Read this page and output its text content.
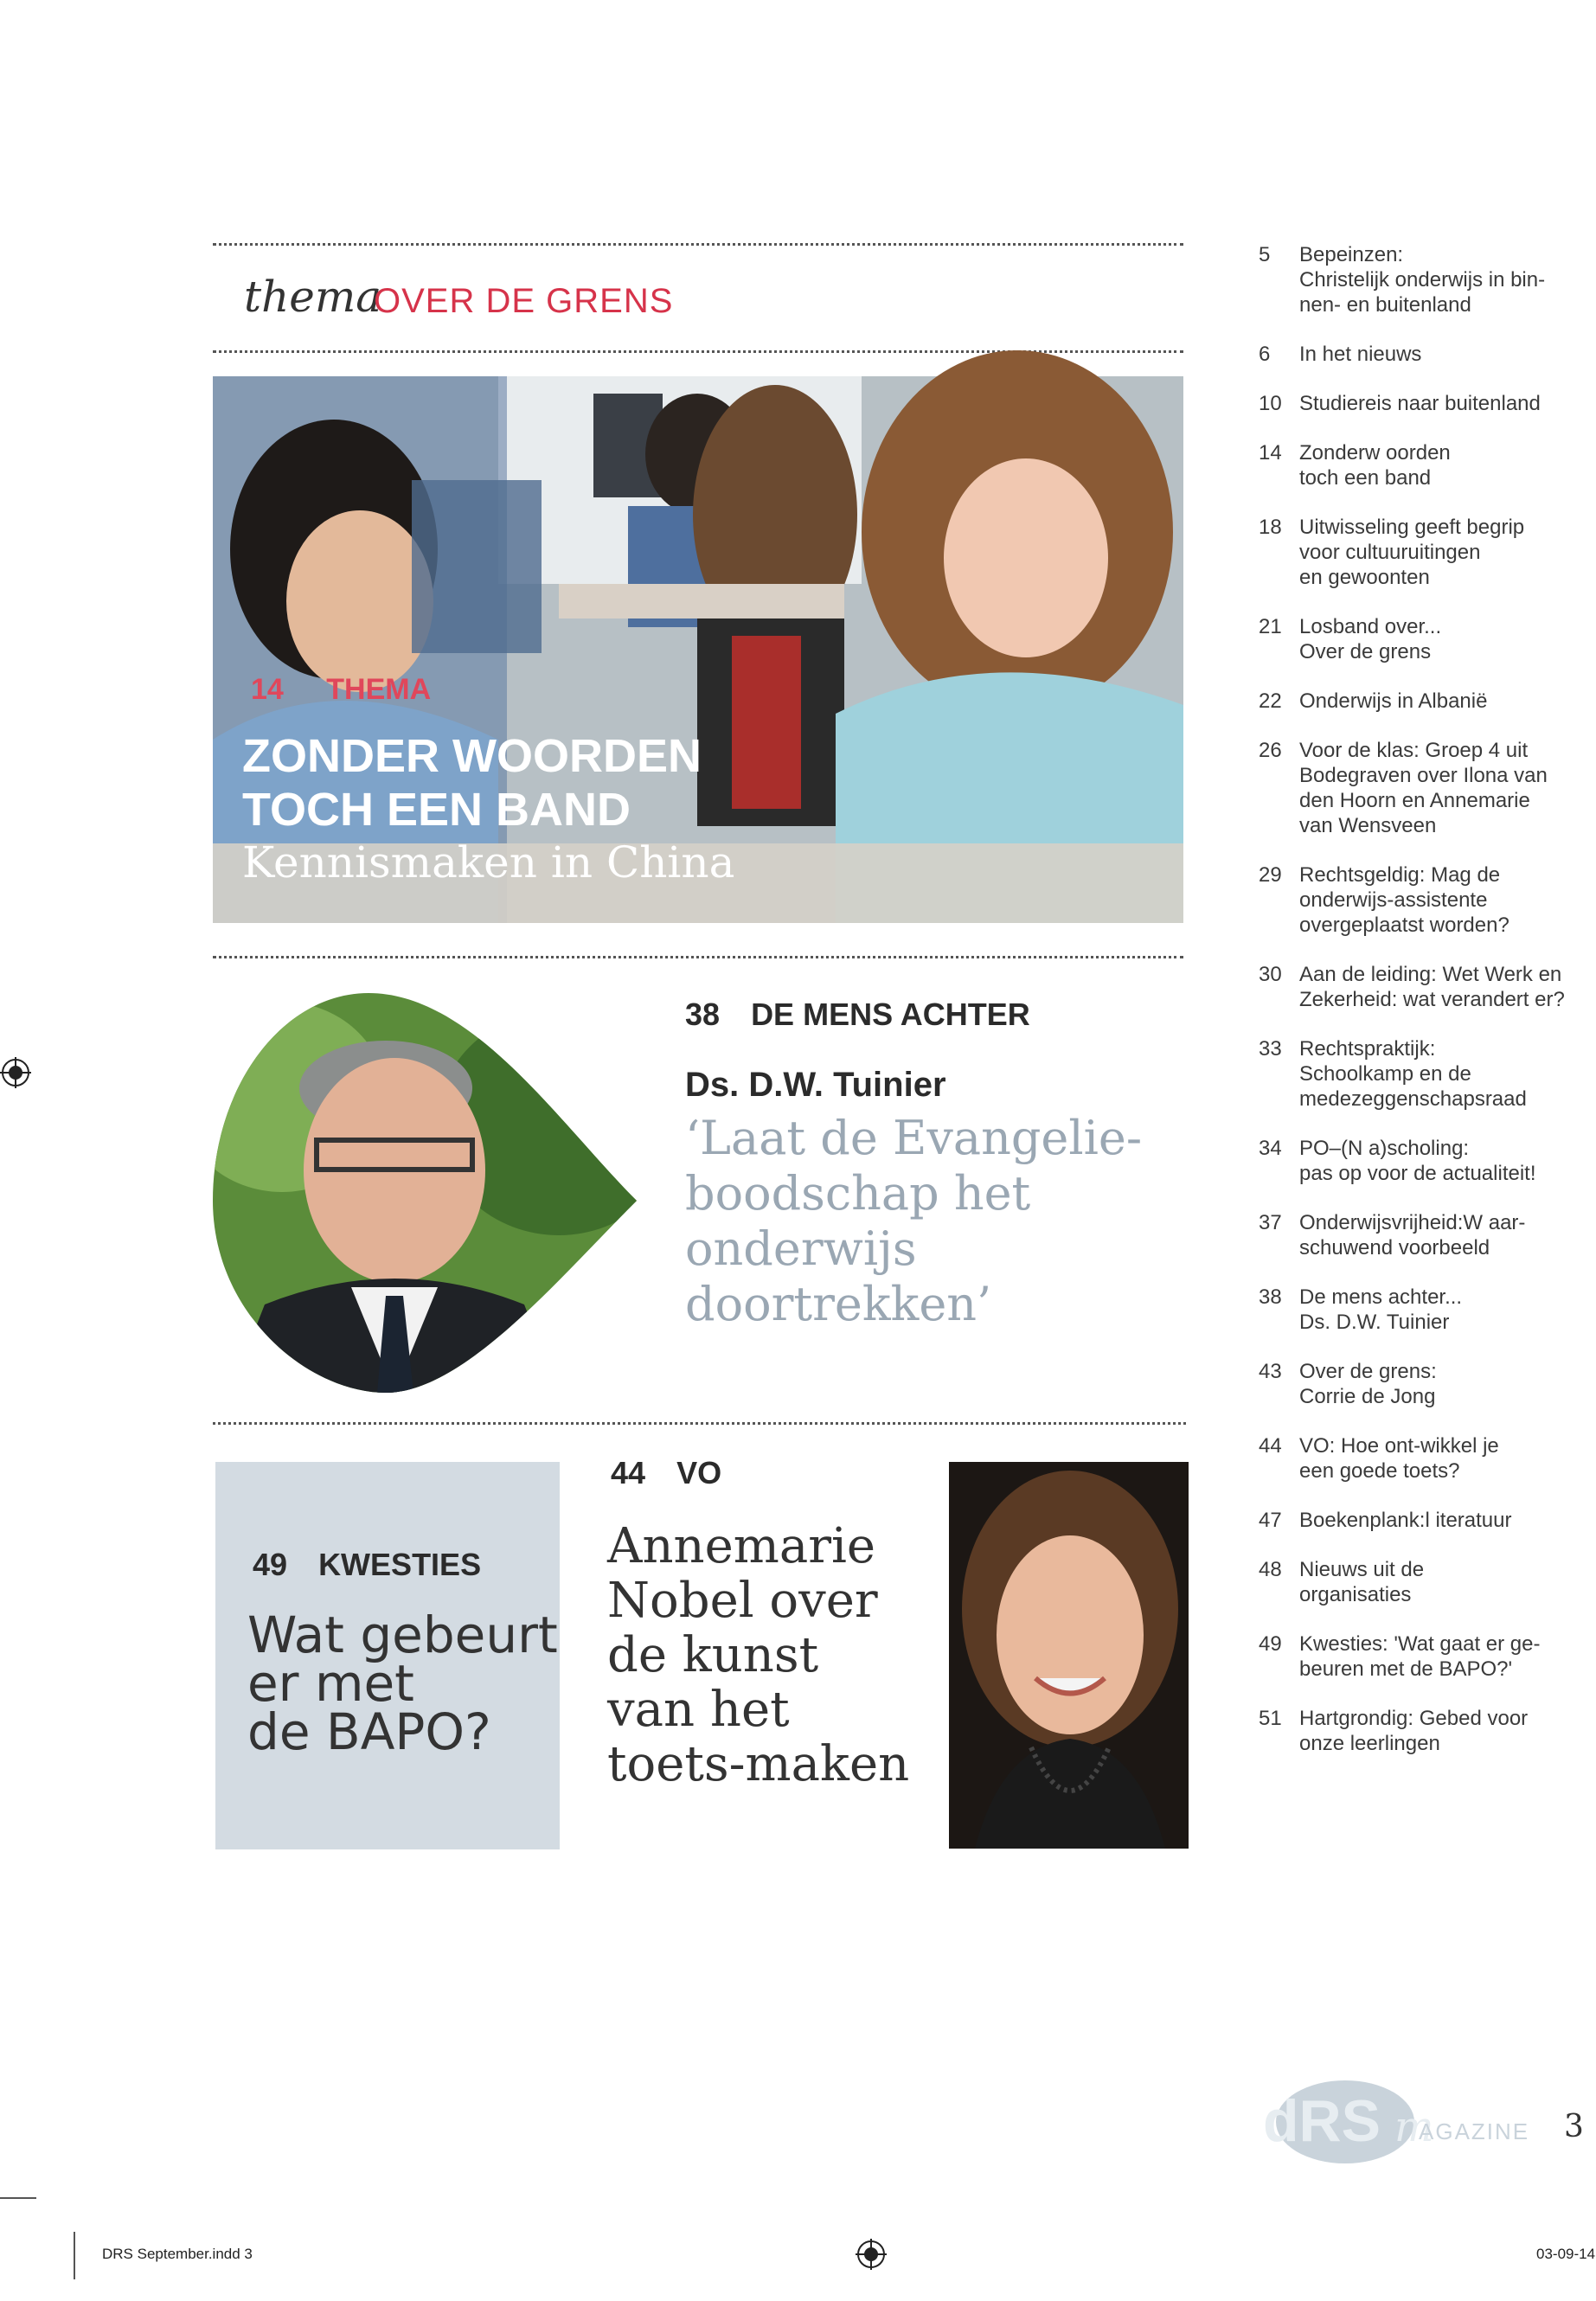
thema
OVER DE GRENS
14 THEMA
ZONDER WOORDEN
TOCH EEN BAND
Kennismaken in China
38 DE MENS ACHTER
Ds. D.W. Tuinier
‘Laat de Evangelie-
boodschap het
onderwijs
doortrekken’
49 KWESTIES
Wat gebeurt
er met
de BAPO?
44 VO
Annemarie
Nobel over
de kunst
van het
toets-maken
5	Bepeinzen:
Christelijk onderwijs in bin-
nen- en buitenland
6	In het nieuws
10 Studiereis naar buitenland
14 Zonderw oorden
toch een band
18 Uitwisseling geeft begrip
voor cultuuruitingen
en gewoonten
21 Losband over...
Over de grens
22 Onderwijs in Albanië
26 Voor de klas: Groep 4 uit
Bodegraven over Ilona van
den Hoorn en Annemarie
van Wensveen
29 Rechtsgeldig: Mag de
onderwijs-assistente
overgeplaatst worden?
30 Aan de leiding: Wet Werk en
Zekerheid: wat verandert er?
33 Rechtspraktijk:
Schoolkamp en de
medezeggenschapsraad
34 PO–(N a)scholing:
pas op voor de actualiteit!
37 Onderwijsvrijheid:W aar-
schuwend voorbeeld
38 De mens achter...
Ds. D.W. Tuinier
43 Over de grens:
Corrie de Jong
44 VO: Hoe ont-wikkel je
een goede toets?
47 Boekenplank:l iteratuur
48 Nieuws uit de
organisaties
49 Kwesties: 'Wat gaat er ge-
beuren met de BAPO?'
51 Hartgrondig: Gebed voor
onze leerlingen
dRS m
AGAZINE 3
DRS September.indd 3	03-09-14
